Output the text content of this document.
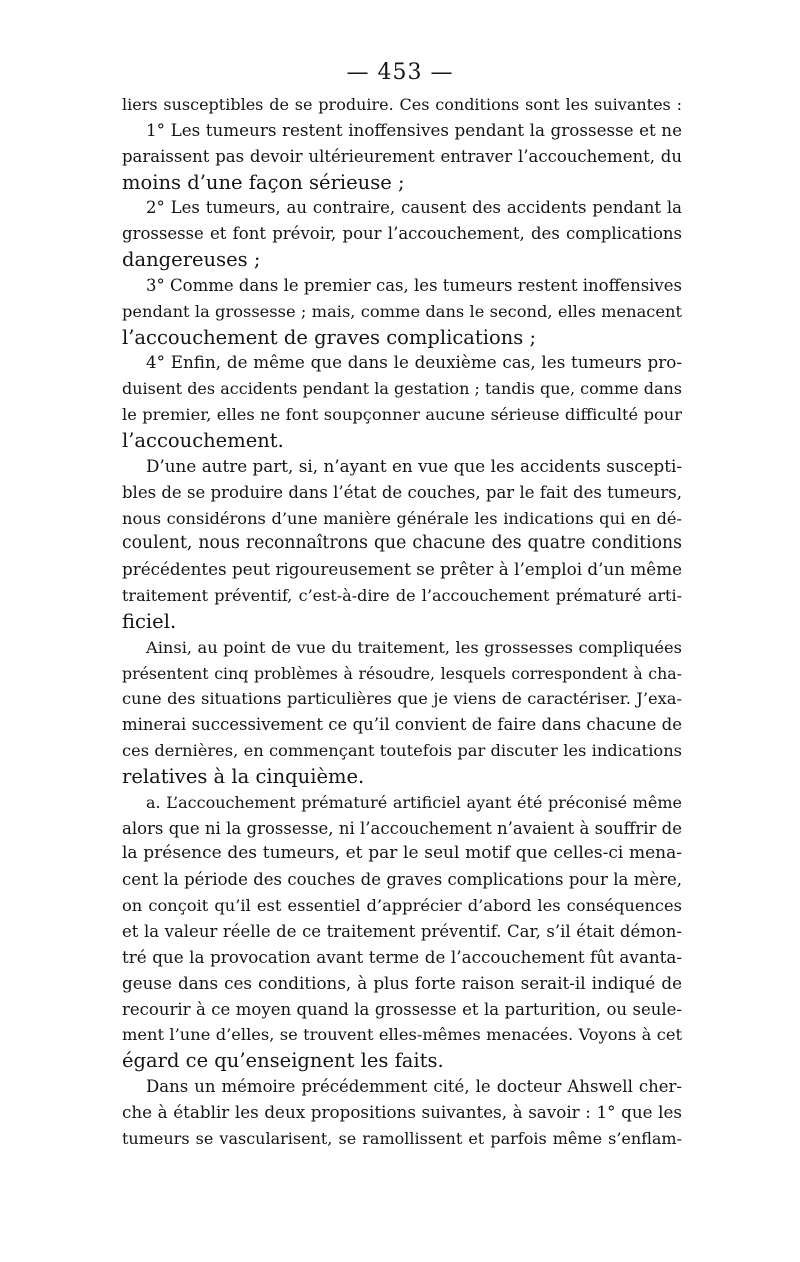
— 453 —
liers susceptibles de se produire. Ces conditions sont les suivantes :
1° Les tumeurs restent inoffensives pendant la grossesse et ne
paraissent pas devoir ultérieurement entraver l’accouchement, du
moins d’une façon sérieuse ;
2° Les tumeurs, au contraire, causent des accidents pendant la
grossesse et font prévoir, pour l’accouchement, des complications
dangereuses ;
3° Comme dans le premier cas, les tumeurs restent inoffensives
pendant la grossesse ; mais, comme dans le second, elles menacent
l’accouchement de graves complications ;
4° Enfin, de même que dans le deuxième cas, les tumeurs pro-
duisent des accidents pendant la gestation ; tandis que, comme dans
le premier, elles ne font soupçonner aucune sérieuse difficulté pour
l’accouchement.
D’une autre part, si, n’ayant en vue que les accidents suscepti-
bles de se produire dans l’état de couches, par le fait des tumeurs,
nous considérons d’une manière générale les indications qui en dé-
coulent, nous reconnaîtrons que chacune des quatre conditions
précédentes peut rigoureusement se prêter à l’emploi d’un même
traitement préventif, c’est-à-dire de l’accouchement prématuré arti-
ficiel.
Ainsi, au point de vue du traitement, les grossesses compliquées
présentent cinq problèmes à résoudre, lesquels correspondent à cha-
cune des situations particulières que je viens de caractériser. J’exa-
minerai successivement ce qu’il convient de faire dans chacune de
ces dernières, en commençant toutefois par discuter les indications
relatives à la cinquième.
a. L’accouchement prématuré artificiel ayant été préconisé même
alors que ni la grossesse, ni l’accouchement n’avaient à souffrir de
la présence des tumeurs, et par le seul motif que celles-ci mena-
cent la période des couches de graves complications pour la mère,
on conçoit qu’il est essentiel d’apprécier d’abord les conséquences
et la valeur réelle de ce traitement préventif. Car, s’il était démon-
tré que la provocation avant terme de l’accouchement fût avanta-
geuse dans ces conditions, à plus forte raison serait-il indiqué de
recourir à ce moyen quand la grossesse et la parturition, ou seule-
ment l’une d’elles, se trouvent elles-mêmes menacées. Voyons à cet
égard ce qu’enseignent les faits.
Dans un mémoire précédemment cité, le docteur Ahswell cher-
che à établir les deux propositions suivantes, à savoir : 1° que les
tumeurs se vascularisent, se ramollissent et parfois même s’enflam-
